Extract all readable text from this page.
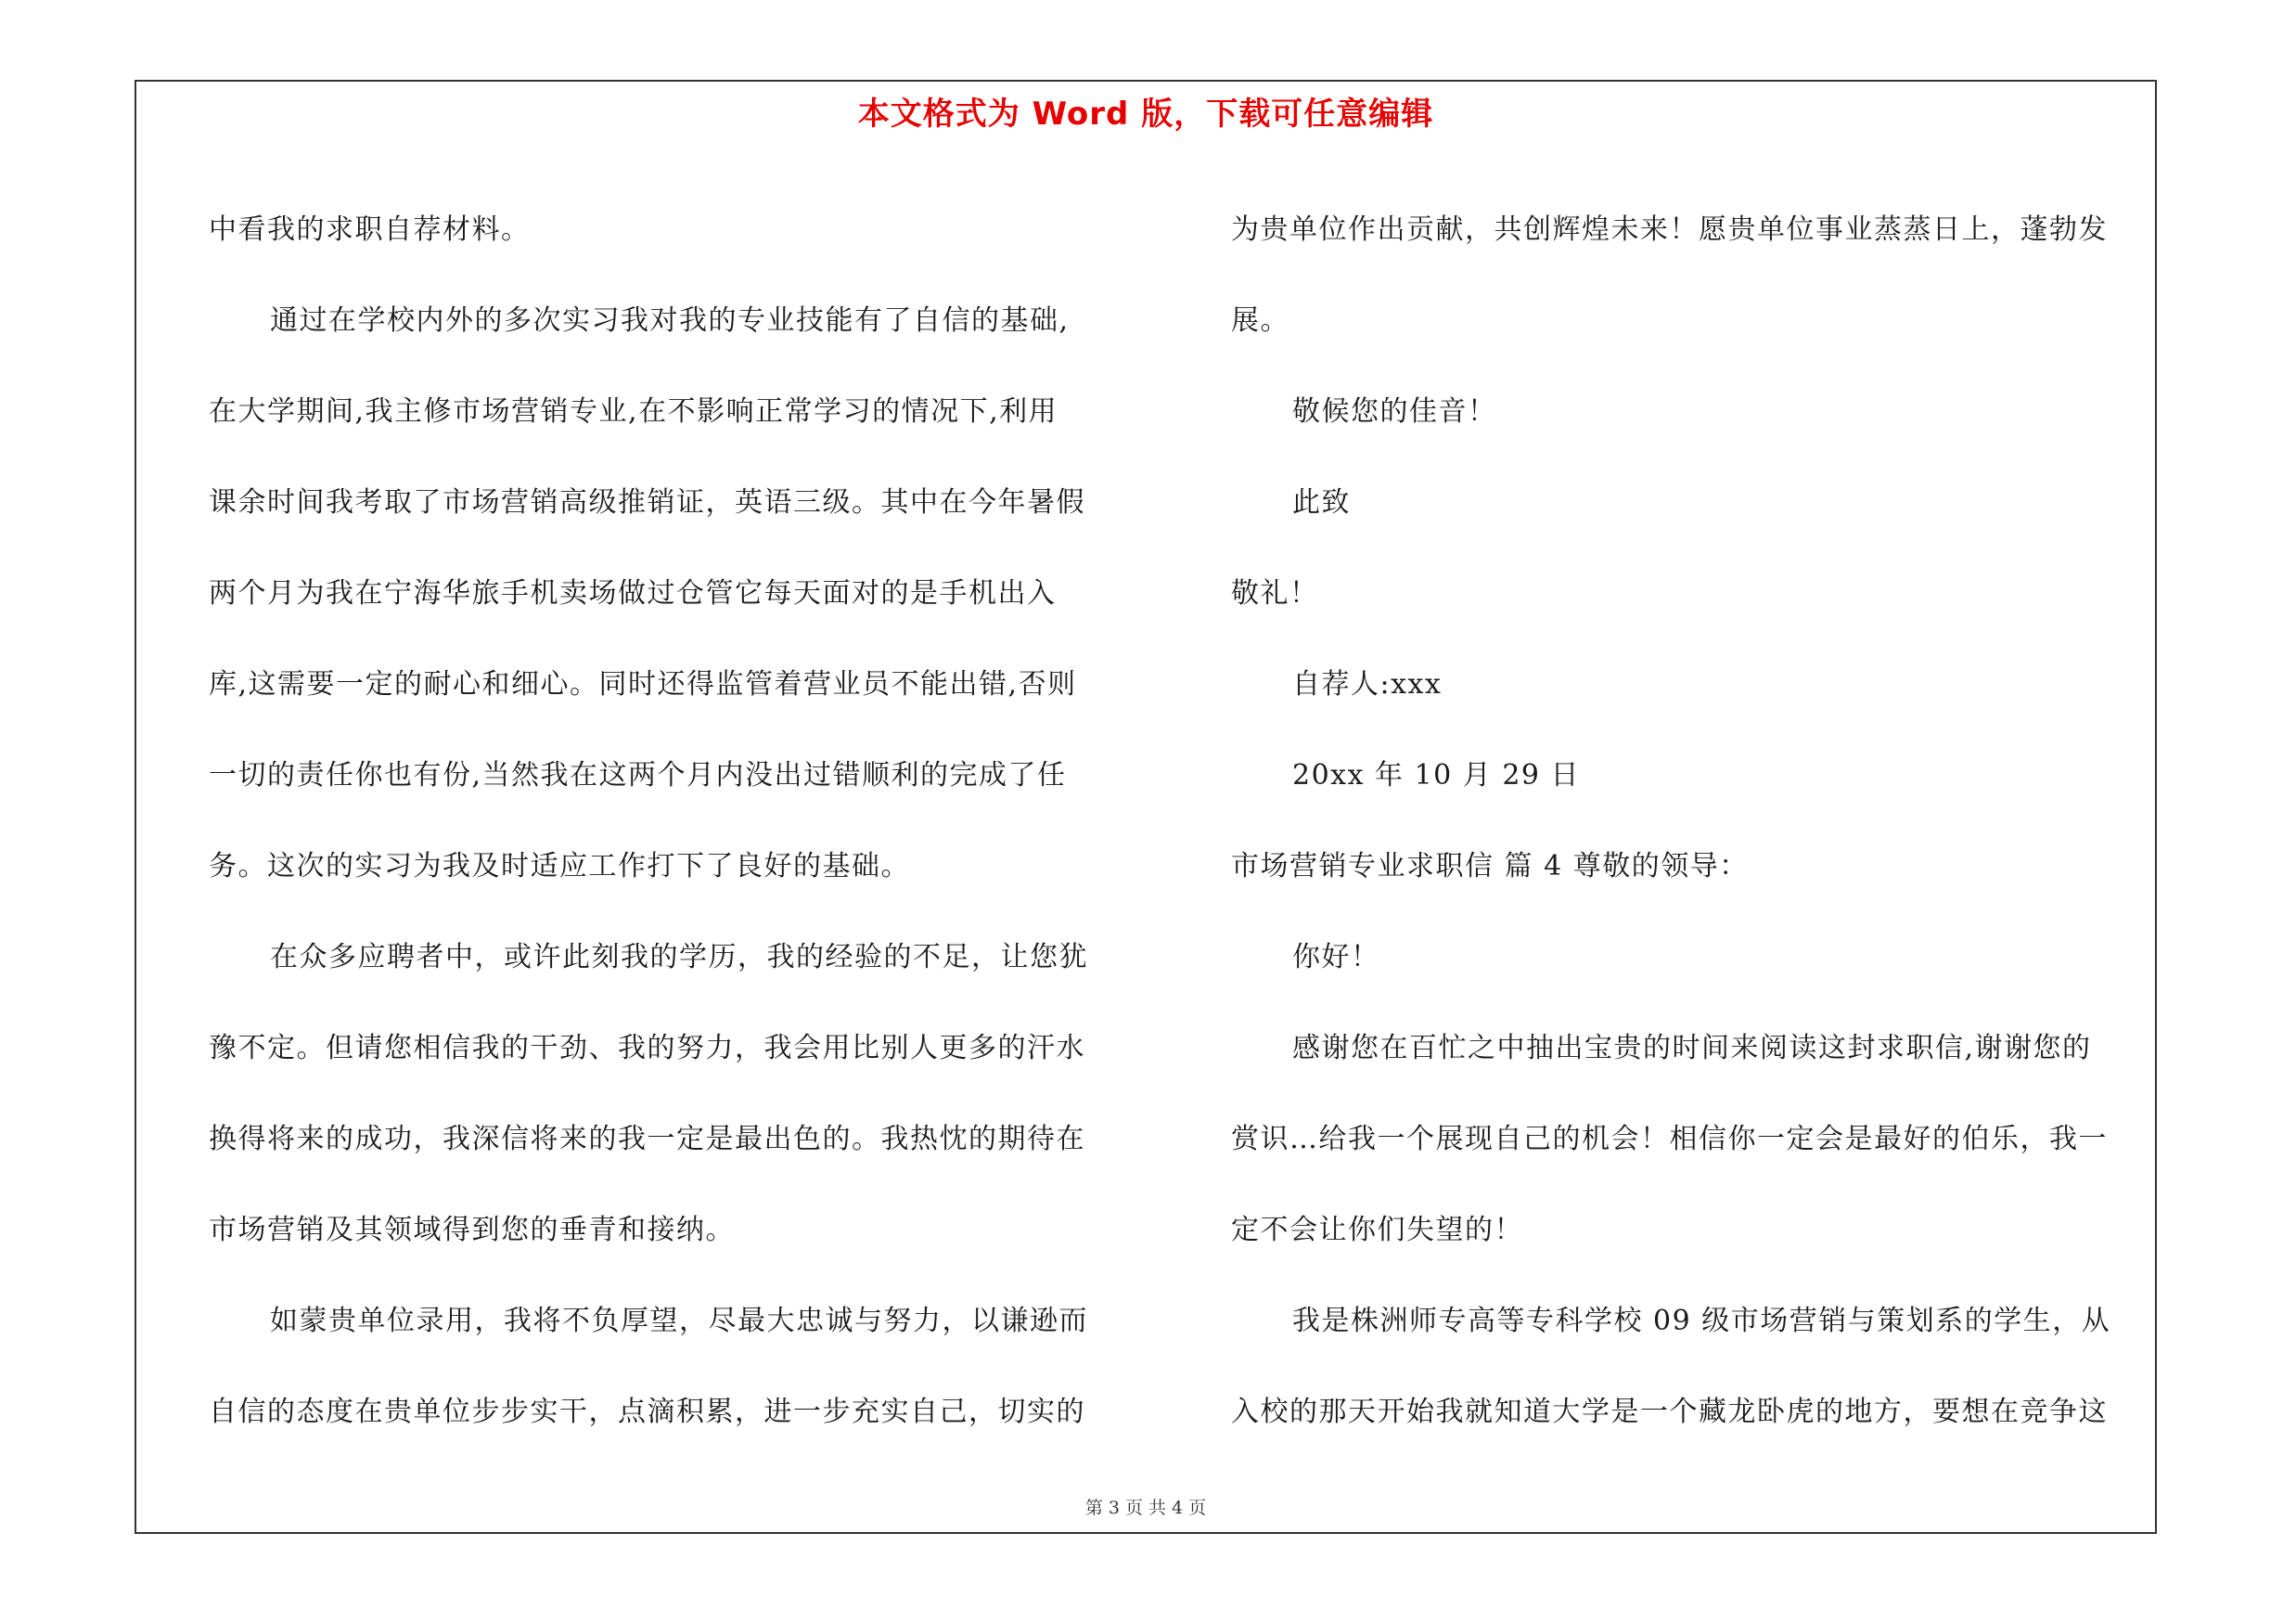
本文格式为 Word 版，下载可任意编辑
中看我的求职自荐材料。
通过在学校内外的多次实习我对我的专业技能有了自信的基础,
在大学期间,我主修市场营销专业,在不影响正常学习的情况下,利用
课余时间我考取了市场营销高级推销证，英语三级。其中在今年暑假
两个月为我在宁海华旅手机卖场做过仓管它每天面对的是手机出入
库,这需要一定的耐心和细心。同时还得监管着营业员不能出错,否则
一切的责任你也有份,当然我在这两个月内没出过错顺利的完成了任
务。这次的实习为我及时适应工作打下了良好的基础。
在众多应聘者中，或许此刻我的学历，我的经验的不足，让您犹
豫不定。但请您相信我的干劲、我的努力，我会用比别人更多的汗水
换得将来的成功，我深信将来的我一定是最出色的。我热忱的期待在
市场营销及其领域得到您的垂青和接纳。
如蒙贵单位录用，我将不负厚望，尽最大忠诚与努力，以谦逊而
自信的态度在贵单位步步实干，点滴积累，进一步充实自己，切实的
为贵单位作出贡献，共创辉煌未来！愿贵单位事业蒸蒸日上，蓬勃发
展。
敬候您的佳音！
此致
敬礼！
自荐人:xxx
20xx 年 10 月 29 日
市场营销专业求职信 篇 4 尊敬的领导：
你好！
感谢您在百忙之中抽出宝贵的时间来阅读这封求职信,谢谢您的
赏识…给我一个展现自己的机会！相信你一定会是最好的伯乐，我一
定不会让你们失望的！
我是株洲师专高等专科学校 09 级市场营销与策划系的学生，从
入校的那天开始我就知道大学是一个藏龙卧虎的地方，要想在竞争这
第 3 页 共 4 页
